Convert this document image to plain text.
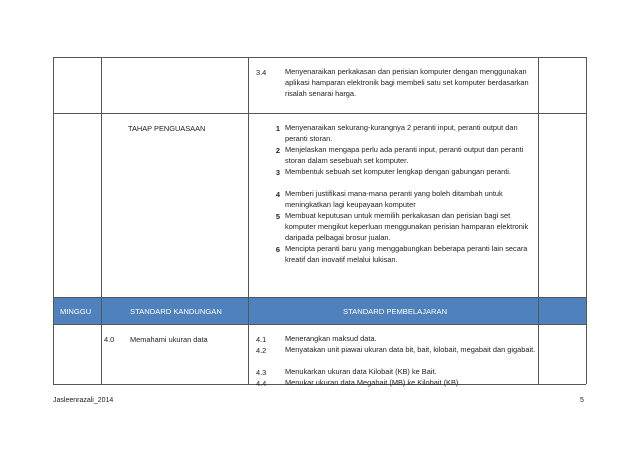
3.4	Menyenaraikan perkakasan dan perisian komputer dengan menggunakan aplikasi hamparan elektronik bagi membeli satu set komputer berdasarkan risalah senarai harga.
TAHAP PENGUASAAN	1 Menyenaraikan sekurang-kurangnya 2 peranti input, peranti output dan peranti storan.
2 Menjelaskan mengapa perlu ada peranti input, peranti output dan peranti storan dalam sesebuah set komputer.
3 Membentuk sebuah set komputer lengkap dengan gabungan peranti.
4 Memberi justifikasi mana-mana peranti yang boleh ditambah untuk meningkatkan lagi keupayaan komputer
5 Membuat keputusan untuk memilih perkakasan dan perisian bagi set komputer mengikut keperluan menggunakan perisian hamparan elektronik daripada pelbagai brosur jualan.
6 Mencipta peranti baru yang menggabungkan beberapa peranti lain secara kreatif dan inovatif melalui lukisan.
MINGGU	STANDARD KANDUNGAN	STANDARD PEMBELAJARAN
4.0 Memahami ukuran data	4.1	Menerangkan maksud data.
4.2	Menyatakan unit piawai ukuran data bit, bait, kilobait, megabait dan gigabait.
4.3	Menukarkan ukuran data Kilobait (KB) ke Bait.
4.4	Menukar ukuran data Megabait (MB) ke Kilobait (KB).
Jasleenrazali_2014	5
